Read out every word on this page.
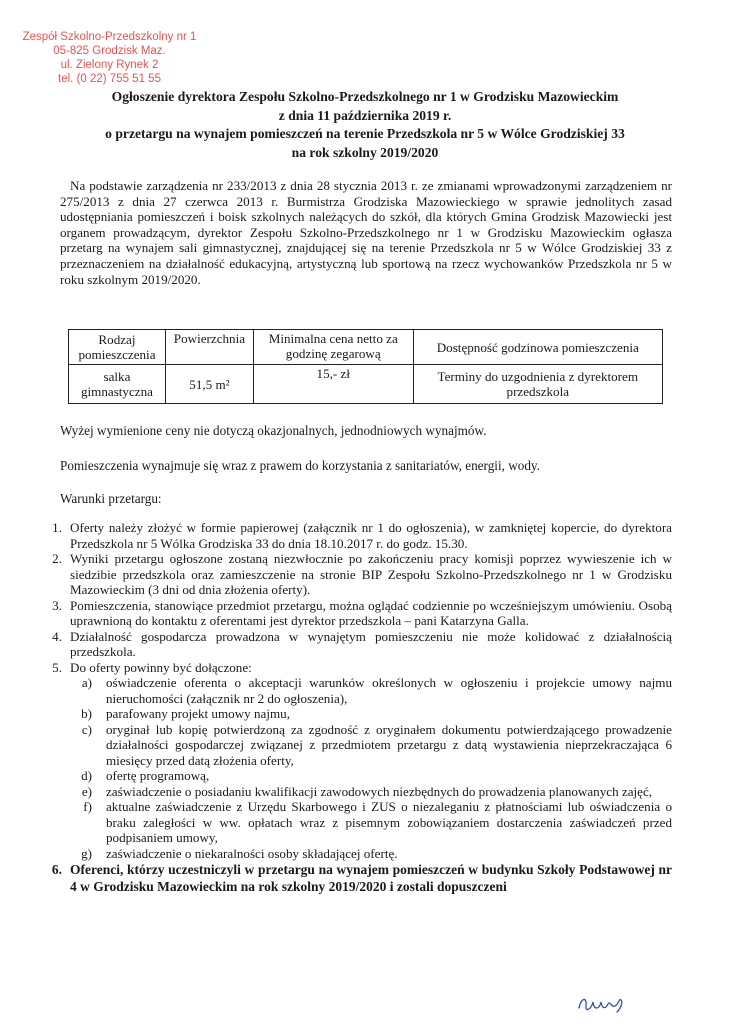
Zespół Szkolno-Przedszkolny nr 1
05-825 Grodzisk Maz.
ul. Zielony Rynek 2
tel. (0 22) 755 51 55
Ogłoszenie dyrektora Zespołu Szkolno-Przedszkolnego nr 1 w Grodzisku Mazowieckim
z dnia 11 października 2019 r.
o przetargu na wynajem pomieszczeń na terenie Przedszkola nr 5 w Wólce Grodziskiej 33
na rok szkolny 2019/2020
Na podstawie zarządzenia nr 233/2013 z dnia 28 stycznia 2013 r. ze zmianami wprowadzonymi zarządzeniem nr 275/2013 z dnia 27 czerwca 2013 r. Burmistrza Grodziska Mazowieckiego w sprawie jednolitych zasad udostępniania pomieszczeń i boisk szkolnych należących do szkół, dla których Gmina Grodzisk Mazowiecki jest organem prowadzącym, dyrektor Zespołu Szkolno-Przedszkolnego nr 1 w Grodzisku Mazowieckim ogłasza przetarg na wynajem sali gimnastycznej, znajdującej się na terenie Przedszkola nr 5 w Wólce Grodziskiej 33 z przeznaczeniem na działalność edukacyjną, artystyczną lub sportową na rzecz wychowanków Przedszkola nr 5 w roku szkolnym 2019/2020.
Rodzaj pomieszczenia	Powierzchnia	Minimalna cena netto za godzinę zegarową	Dostępność godzinowa pomieszczenia
salka gimnastyczna	51,5 m²	15,- zł	Terminy do uzgodnienia z dyrektorem przedszkola
Wyżej wymienione ceny nie dotyczą okazjonalnych, jednodniowych wynajmów.
Pomieszczenia wynajmuje się wraz z prawem do korzystania z sanitariatów, energii, wody.
Warunki przetargu:
1. Oferty należy złożyć w formie papierowej (załącznik nr 1 do ogłoszenia), w zamkniętej kopercie, do dyrektora Przedszkola nr 5 Wólka Grodziska 33 do dnia 18.10.2017 r. do godz. 15.30.
2. Wyniki przetargu ogłoszone zostaną niezwłocznie po zakończeniu pracy komisji poprzez wywieszenie ich w siedzibie przedszkola oraz zamieszczenie na stronie BIP Zespołu Szkolno-Przedszkolnego nr 1 w Grodzisku Mazowieckim (3 dni od dnia złożenia oferty).
3. Pomieszczenia, stanowiące przedmiot przetargu, można oglądać codziennie po wcześniejszym umówieniu. Osobą uprawnioną do kontaktu z oferentami jest dyrektor przedszkola – pani Katarzyna Galla.
4. Działalność gospodarcza prowadzona w wynajętym pomieszczeniu nie może kolidować z działalnością przedszkola.
5. Do oferty powinny być dołączone:
a) oświadczenie oferenta o akceptacji warunków określonych w ogłoszeniu i projekcie umowy najmu nieruchomości (załącznik nr 2 do ogłoszenia),
b) parafowany projekt umowy najmu,
c) oryginał lub kopię potwierdzoną za zgodność z oryginałem dokumentu potwierdzającego prowadzenie działalności gospodarczej związanej z przedmiotem przetargu z datą wystawienia nieprzekraczająca 6 miesięcy przed datą złożenia oferty,
d) ofertę programową,
e) zaświadczenie o posiadaniu kwalifikacji zawodowych niezbędnych do prowadzenia planowanych zajęć,
f) aktualne zaświadczenie z Urzędu Skarbowego i ZUS o niezaleganiu z płatnościami lub oświadczenia o braku zaległości w ww. opłatach wraz z pisemnym zobowiązaniem dostarczenia zaświadczeń przed podpisaniem umowy,
g) zaświadczenie o niekaralności osoby składającej ofertę.
6. Oferenci, którzy uczestniczyli w przetargu na wynajem pomieszczeń w budynku Szkoły Podstawowej nr 4 w Grodzisku Mazowieckim na rok szkolny 2019/2020 i zostali dopuszczeni
